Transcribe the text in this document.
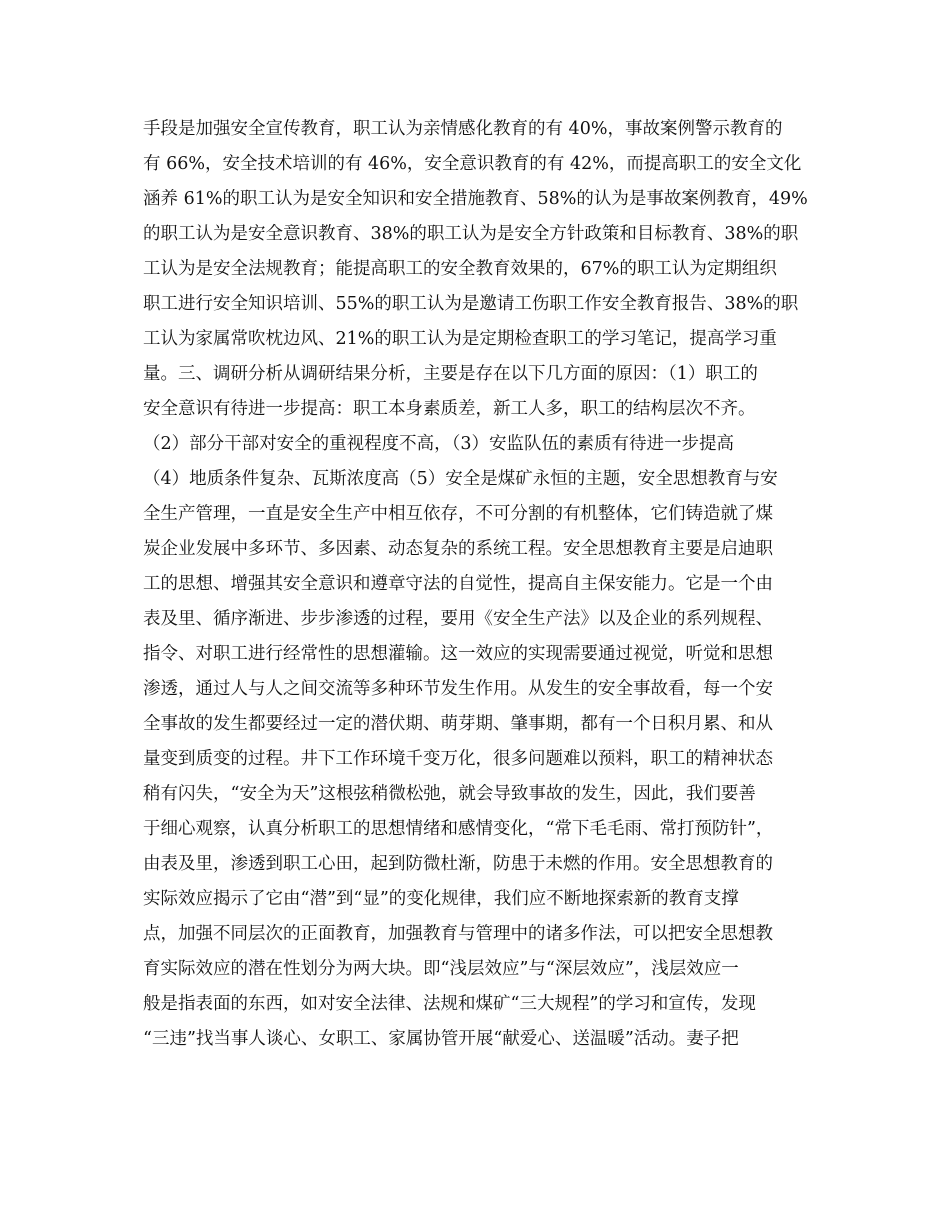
手段是加强安全宣传教育，职工认为亲情感化教育的有 40%，事故案例警示教育的
有 66%，安全技术培训的有 46%，安全意识教育的有 42%，而提高职工的安全文化
涵养 61%的职工认为是安全知识和安全措施教育、58%的认为是事故案例教育，49%
的职工认为是安全意识教育、38%的职工认为是安全方针政策和目标教育、38%的职
工认为是安全法规教育；能提高职工的安全教育效果的，67%的职工认为定期组织
职工进行安全知识培训、55%的职工认为是邀请工伤职工作安全教育报告、38%的职
工认为家属常吹枕边风、21%的职工认为是定期检查职工的学习笔记，提高学习重
量。三、调研分析从调研结果分析，主要是存在以下几方面的原因：（1）职工的
安全意识有待进一步提高：职工本身素质差，新工人多，职工的结构层次不齐。
（2）部分干部对安全的重视程度不高，（3）安监队伍的素质有待进一步提高
（4）地质条件复杂、瓦斯浓度高（5）安全是煤矿永恒的主题，安全思想教育与安
全生产管理，一直是安全生产中相互依存，不可分割的有机整体，它们铸造就了煤
炭企业发展中多环节、多因素、动态复杂的系统工程。安全思想教育主要是启迪职
工的思想、增强其安全意识和遵章守法的自觉性，提高自主保安能力。它是一个由
表及里、循序渐进、步步渗透的过程，要用《安全生产法》以及企业的系列规程、
指令、对职工进行经常性的思想灌输。这一效应的实现需要通过视觉，听觉和思想
渗透，通过人与人之间交流等多种环节发生作用。从发生的安全事故看，每一个安
全事故的发生都要经过一定的潜伏期、萌芽期、肇事期，都有一个日积月累、和从
量变到质变的过程。井下工作环境千变万化，很多问题难以预料，职工的精神状态
稍有闪失，“安全为天”这根弦稍微松弛，就会导致事故的发生，因此，我们要善
于细心观察，认真分析职工的思想情绪和感情变化，“常下毛毛雨、常打预防针”，
由表及里，渗透到职工心田，起到防微杜渐，防患于未燃的作用。安全思想教育的
实际效应揭示了它由“潜”到“显”的变化规律，我们应不断地探索新的教育支撑
点，加强不同层次的正面教育，加强教育与管理中的诸多作法，可以把安全思想教
育实际效应的潜在性划分为两大块。即“浅层效应”与“深层效应”，浅层效应一
般是指表面的东西，如对安全法律、法规和煤矿“三大规程”的学习和宣传，发现
“三违”找当事人谈心、女职工、家属协管开展“献爱心、送温暖”活动。妻子把
